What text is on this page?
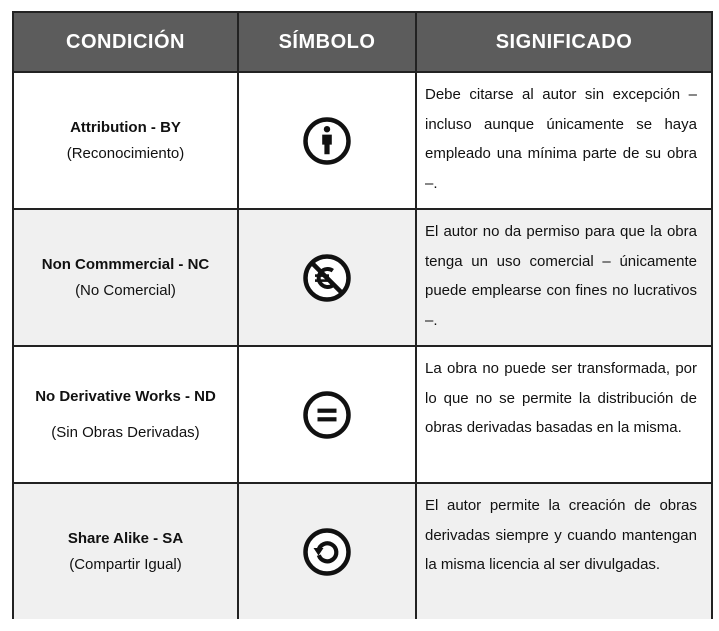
CONDICIÓN	SÍMBOLO	SIGNIFICADO
Attribution - BY
(Reconocimiento)

Debe citarse al autor sin excepción – incluso aunque únicamente se haya empleado una mínima parte de su obra –.

Non Commmercial - NC
(No Comercial)

El autor no da permiso para que la obra tenga un uso comercial – únicamente puede emplearse con fines no lucrativos –.

No Derivative Works - ND
(Sin Obras Derivadas)

La obra no puede ser transformada, por lo que no se permite la distribución de obras derivadas basadas en la misma.

Share Alike - SA
(Compartir Igual)

El autor permite la creación de obras derivadas siempre y cuando mantengan la misma licencia al ser divulgadas.
